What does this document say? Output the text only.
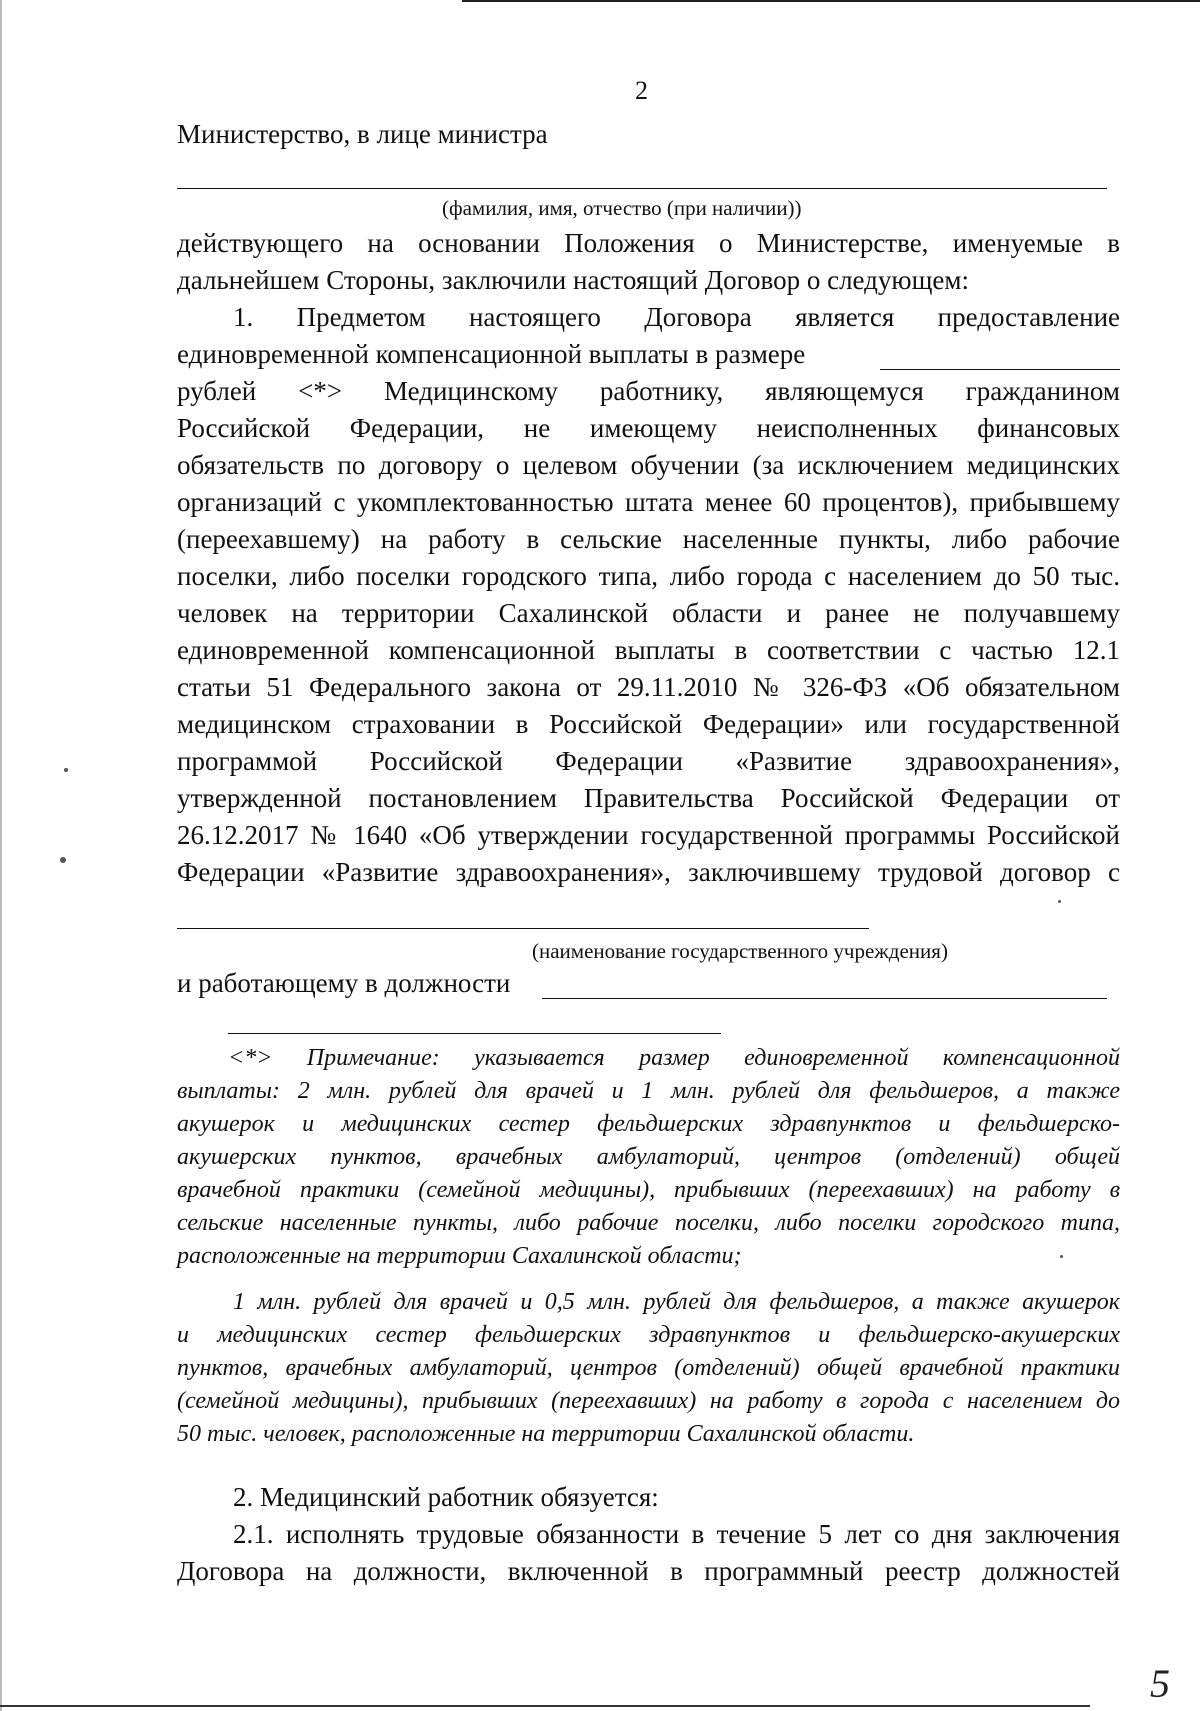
2
Министерство, в лице министра
(фамилия, имя, отчество (при наличии))
действующего на основании Положения о Министерстве, именуемые в
дальнейшем Стороны, заключили настоящий Договор о следующем:
1. Предметом настоящего Договора является предоставление
единовременной компенсационной выплаты в размере
рублей <*> Медицинскому работнику, являющемуся гражданином
Российской Федерации, не имеющему неисполненных финансовых
обязательств по договору о целевом обучении (за исключением медицинских
организаций с укомплектованностью штата менее 60 процентов), прибывшему
(переехавшему) на работу в сельские населенные пункты, либо рабочие
поселки, либо поселки городского типа, либо города с населением до 50 тыс.
человек на территории Сахалинской области и ранее не получавшему
единовременной компенсационной выплаты в соответствии с частью 12.1
статьи 51 Федерального закона от 29.11.2010 № 326-ФЗ «Об обязательном
медицинском страховании в Российской Федерации» или государственной
программой Российской Федерации «Развитие здравоохранения»,
утвержденной постановлением Правительства Российской Федерации от
26.12.2017 № 1640 «Об утверждении государственной программы Российской
Федерации «Развитие здравоохранения», заключившему трудовой договор с
(наименование государственного учреждения)
и работающему в должности
<*> Примечание: указывается размер единовременной компенсационной
выплаты: 2 млн. рублей для врачей и 1 млн. рублей для фельдшеров, а также
акушерок и медицинских сестер фельдшерских здравпунктов и фельдшерско-
акушерских пунктов, врачебных амбулаторий, центров (отделений) общей
врачебной практики (семейной медицины), прибывших (переехавших) на работу в
сельские населенные пункты, либо рабочие поселки, либо поселки городского типа,
расположенные на территории Сахалинской области;
1 млн. рублей для врачей и 0,5 млн. рублей для фельдшеров, а также акушерок
и медицинских сестер фельдшерских здравпунктов и фельдшерско-акушерских
пунктов, врачебных амбулаторий, центров (отделений) общей врачебной практики
(семейной медицины), прибывших (переехавших) на работу в города с населением до
50 тыс. человек, расположенные на территории Сахалинской области.
2. Медицинский работник обязуется:
2.1. исполнять трудовые обязанности в течение 5 лет со дня заключения
Договора на должности, включенной в программный реестр должностей
5
